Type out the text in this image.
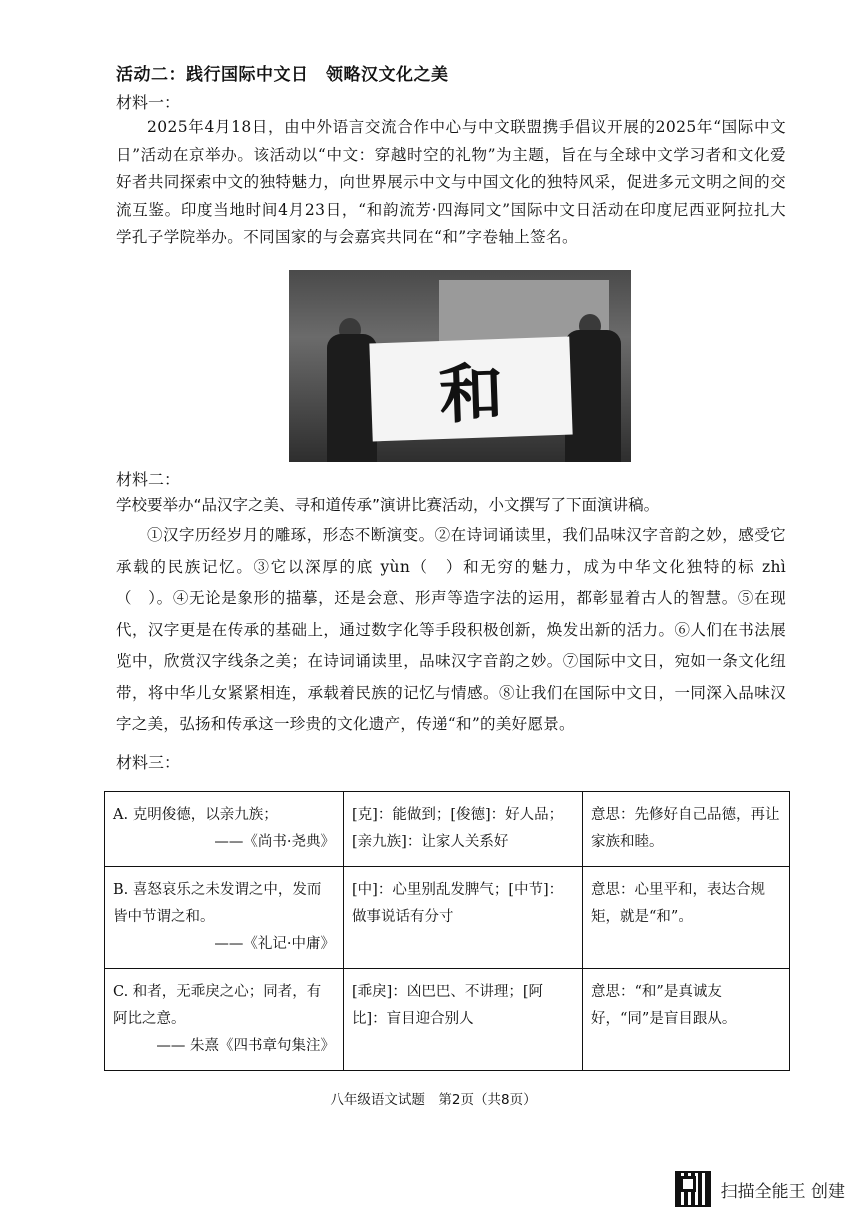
活动二：践行国际中文日　领略汉文化之美
材料一：
2025年4月18日，由中外语言交流合作中心与中文联盟携手倡议开展的2025年“国际中文日”活动在京举办。该活动以“中文：穿越时空的礼物”为主题，旨在与全球中文学习者和文化爱好者共同探索中文的独特魅力，向世界展示中文与中国文化的独特风采，促进多元文明之间的交流互鉴。印度当地时间4月23日，“和韵流芳·四海同文”国际中文日活动在印度尼西亚阿拉扎大学孔子学院举办。不同国家的与会嘉宾共同在“和”字卷轴上签名。
和
材料二：
学校要举办“品汉字之美、寻和道传承”演讲比赛活动，小文撰写了下面演讲稿。
①汉字历经岁月的雕琢，形态不断演变。②在诗词诵读里，我们品味汉字音韵之妙，感受它承载的民族记忆。③它以深厚的底 yùn（　）和无穷的魅力，成为中华文化独特的标 zhì（　）。④无论是象形的描摹，还是会意、形声等造字法的运用，都彰显着古人的智慧。⑤在现代，汉字更是在传承的基础上，通过数字化等手段积极创新，焕发出新的活力。⑥人们在书法展览中，欣赏汉字线条之美；在诗词诵读里，品味汉字音韵之妙。⑦国际中文日，宛如一条文化纽带，将中华儿女紧紧相连，承载着民族的记忆与情感。⑧让我们在国际中文日，一同深入品味汉字之美，弘扬和传承这一珍贵的文化遗产，传递“和”的美好愿景。
材料三：
A. 克明俊德，以亲九族；
——《尚书·尧典》	[克]：能做到；[俊德]：好人品；[亲九族]：让家人关系好	意思：先修好自己品德，再让家族和睦。
B. 喜怒哀乐之未发谓之中，发而皆中节谓之和。
——《礼记·中庸》	[中]：心里别乱发脾气；[中节]：做事说话有分寸	意思：心里平和，表达合规矩，就是“和”。
C. 和者，无乖戾之心；同者，有阿比之意。
—— 朱熹《四书章句集注》	[乖戾]：凶巴巴、不讲理；[阿比]：盲目迎合别人	意思：“和”是真诚友好，“同”是盲目跟从。
八年级语文试题　第2页（共8页）
扫描全能王 创建
